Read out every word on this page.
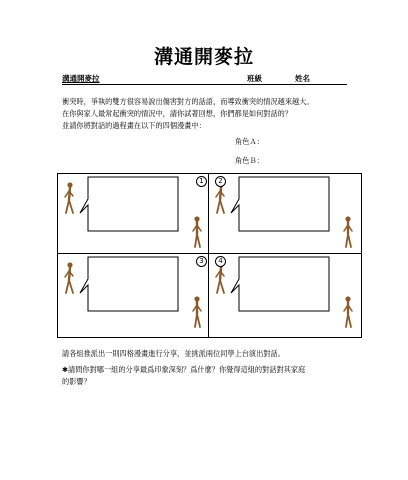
溝通開麥拉
溝通開麥拉	班級	姓名
衝突時，爭執的雙方很容易說出傷害對方的話語，而導致衝突的情況越來越大。
在你與家人最常起衝突的情況中，請你試著回想，你們都是如何對話的？
並請你將對話的過程畫在以下的四個漫畫中：
角色Ａ：
角色Ｂ：
1	2
3	4
請各組推派出一則四格漫畫進行分享，並挑派兩位同學上台演出對話。
✱請問你對哪一組的分享最爲印象深刻？爲什麼？你覺得這組的對話對其家庭
的影響？
